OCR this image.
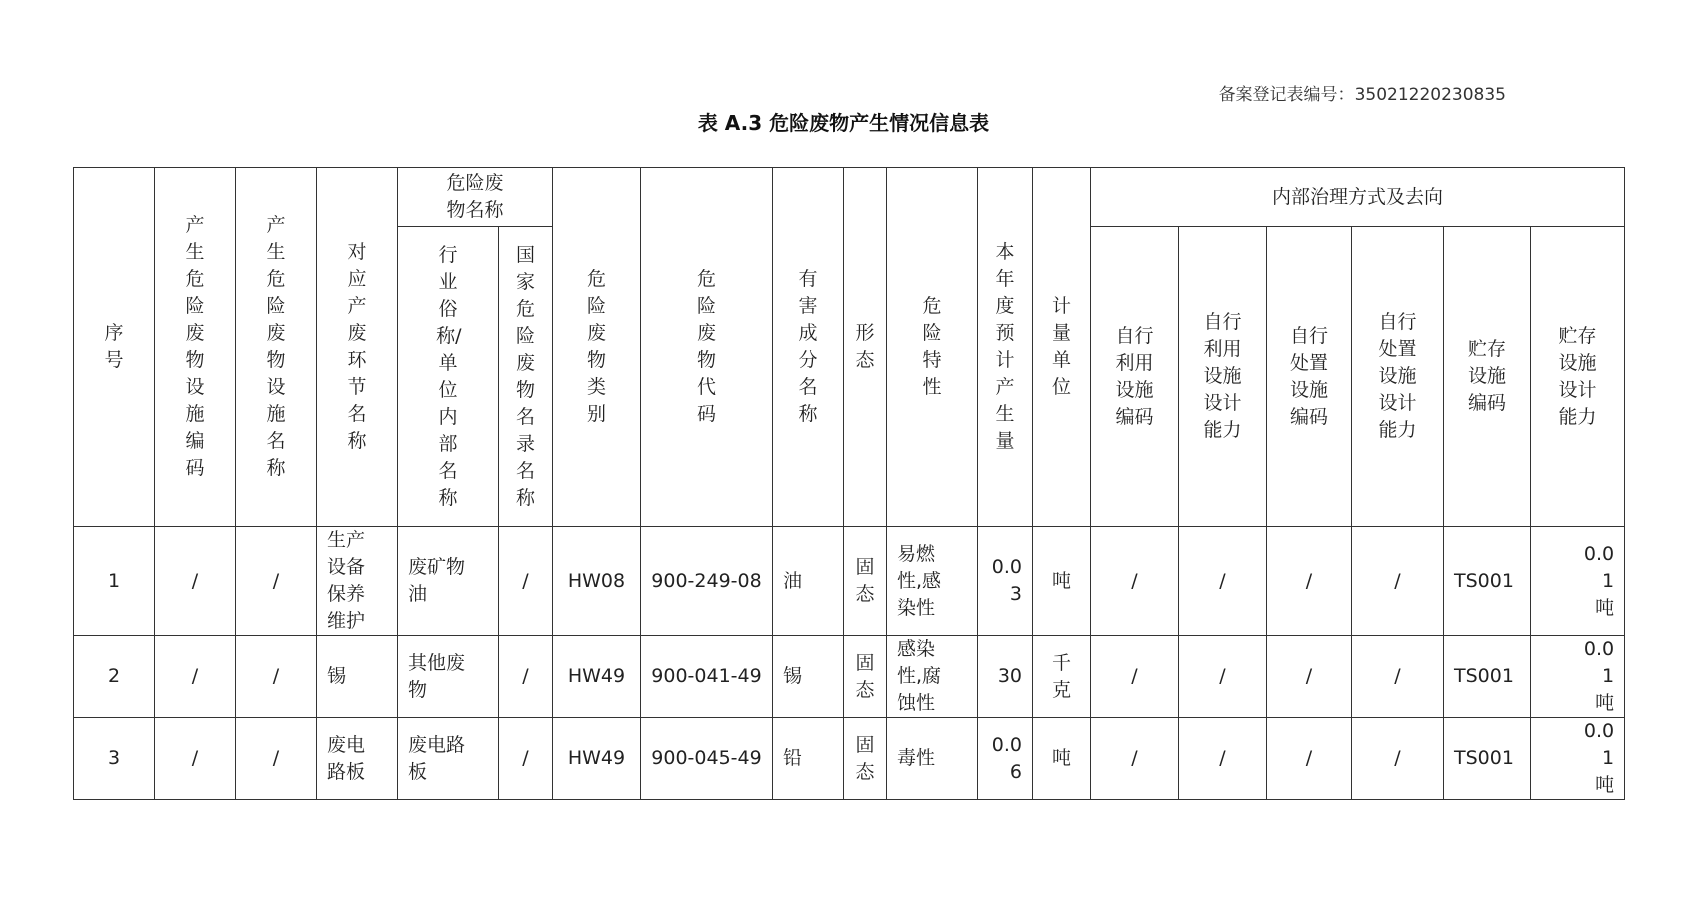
备案登记表编号：35021220230835
表 A.3 危险废物产生情况信息表
序号	产生危险废物设施编码	产生危险废物设施名称	对应产废环节名称	危险废物名称		危险废物类别	危险废物代码	有害成分名称	形态	危险特性	本年度预计产生量	计量单位	内部治理方式及去向					
				行业俗称/单位内部名称	国家危险废物名录名称								自行利用设施编码	自行利用设施设计能力	自行处置设施编码	自行处置设施设计能力	贮存设施编码	贮存设施设计能力
1	/	/	生产设备保养维护	废矿物油	/	HW08	900-249-08	油	固态	易燃性,感染性	0.03	吨	/	/	/	/	TS001	0.01吨
2	/	/	锡	其他废物	/	HW49	900-041-49	锡	固态	感染性,腐蚀性	30	千克	/	/	/	/	TS001	0.01吨
3	/	/	废电路板	废电路板	/	HW49	900-045-49	铅	固态	毒性	0.06	吨	/	/	/	/	TS001	0.01吨
